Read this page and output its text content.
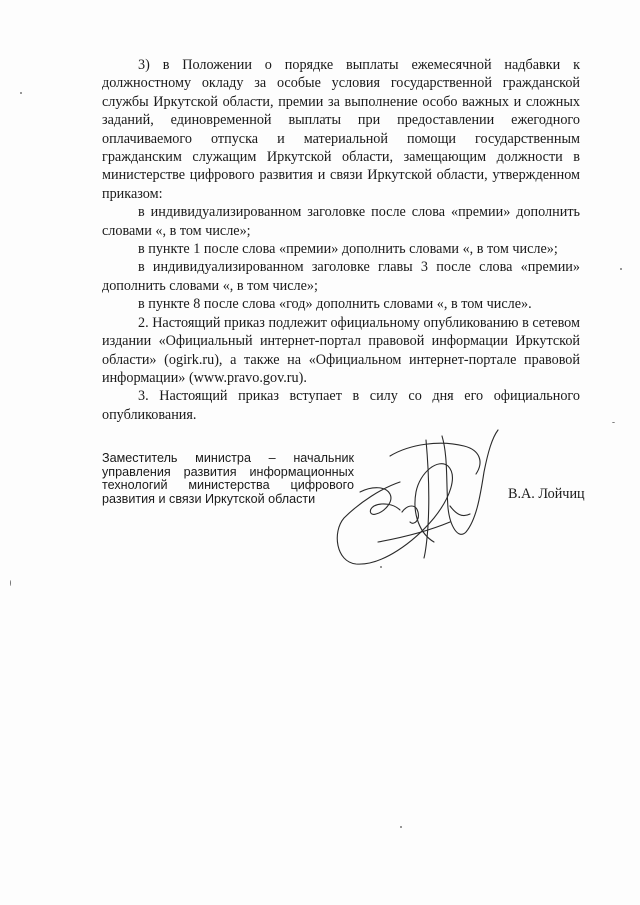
3) в Положении о порядке выплаты ежемесячной надбавки к должностному окладу за особые условия государственной гражданской службы Иркутской области, премии за выполнение особо важных и сложных заданий, единовременной выплаты при предоставлении ежегодного оплачиваемого отпуска и материальной помощи государственным гражданским служащим Иркутской области, замещающим должности в министерстве цифрового развития и связи Иркутской области, утвержденном приказом:

в индивидуализированном заголовке после слова «премии» дополнить словами «, в том числе»;

в пункте 1 после слова «премии» дополнить словами «, в том числе»;

в индивидуализированном заголовке главы 3 после слова «премии» дополнить словами «, в том числе»;

в пункте 8 после слова «год» дополнить словами «, в том числе».

2. Настоящий приказ подлежит официальному опубликованию в сетевом издании «Официальный интернет-портал правовой информации Иркутской области» (ogirk.ru), а также на «Официальном интернет-портале правовой информации» (www.pravo.gov.ru).

3. Настоящий приказ вступает в силу со дня его официального опубликования.

Заместитель министра – начальник управления развития информационных технологий министерства цифрового развития и связи Иркутской области	В.А. Лойчиц
